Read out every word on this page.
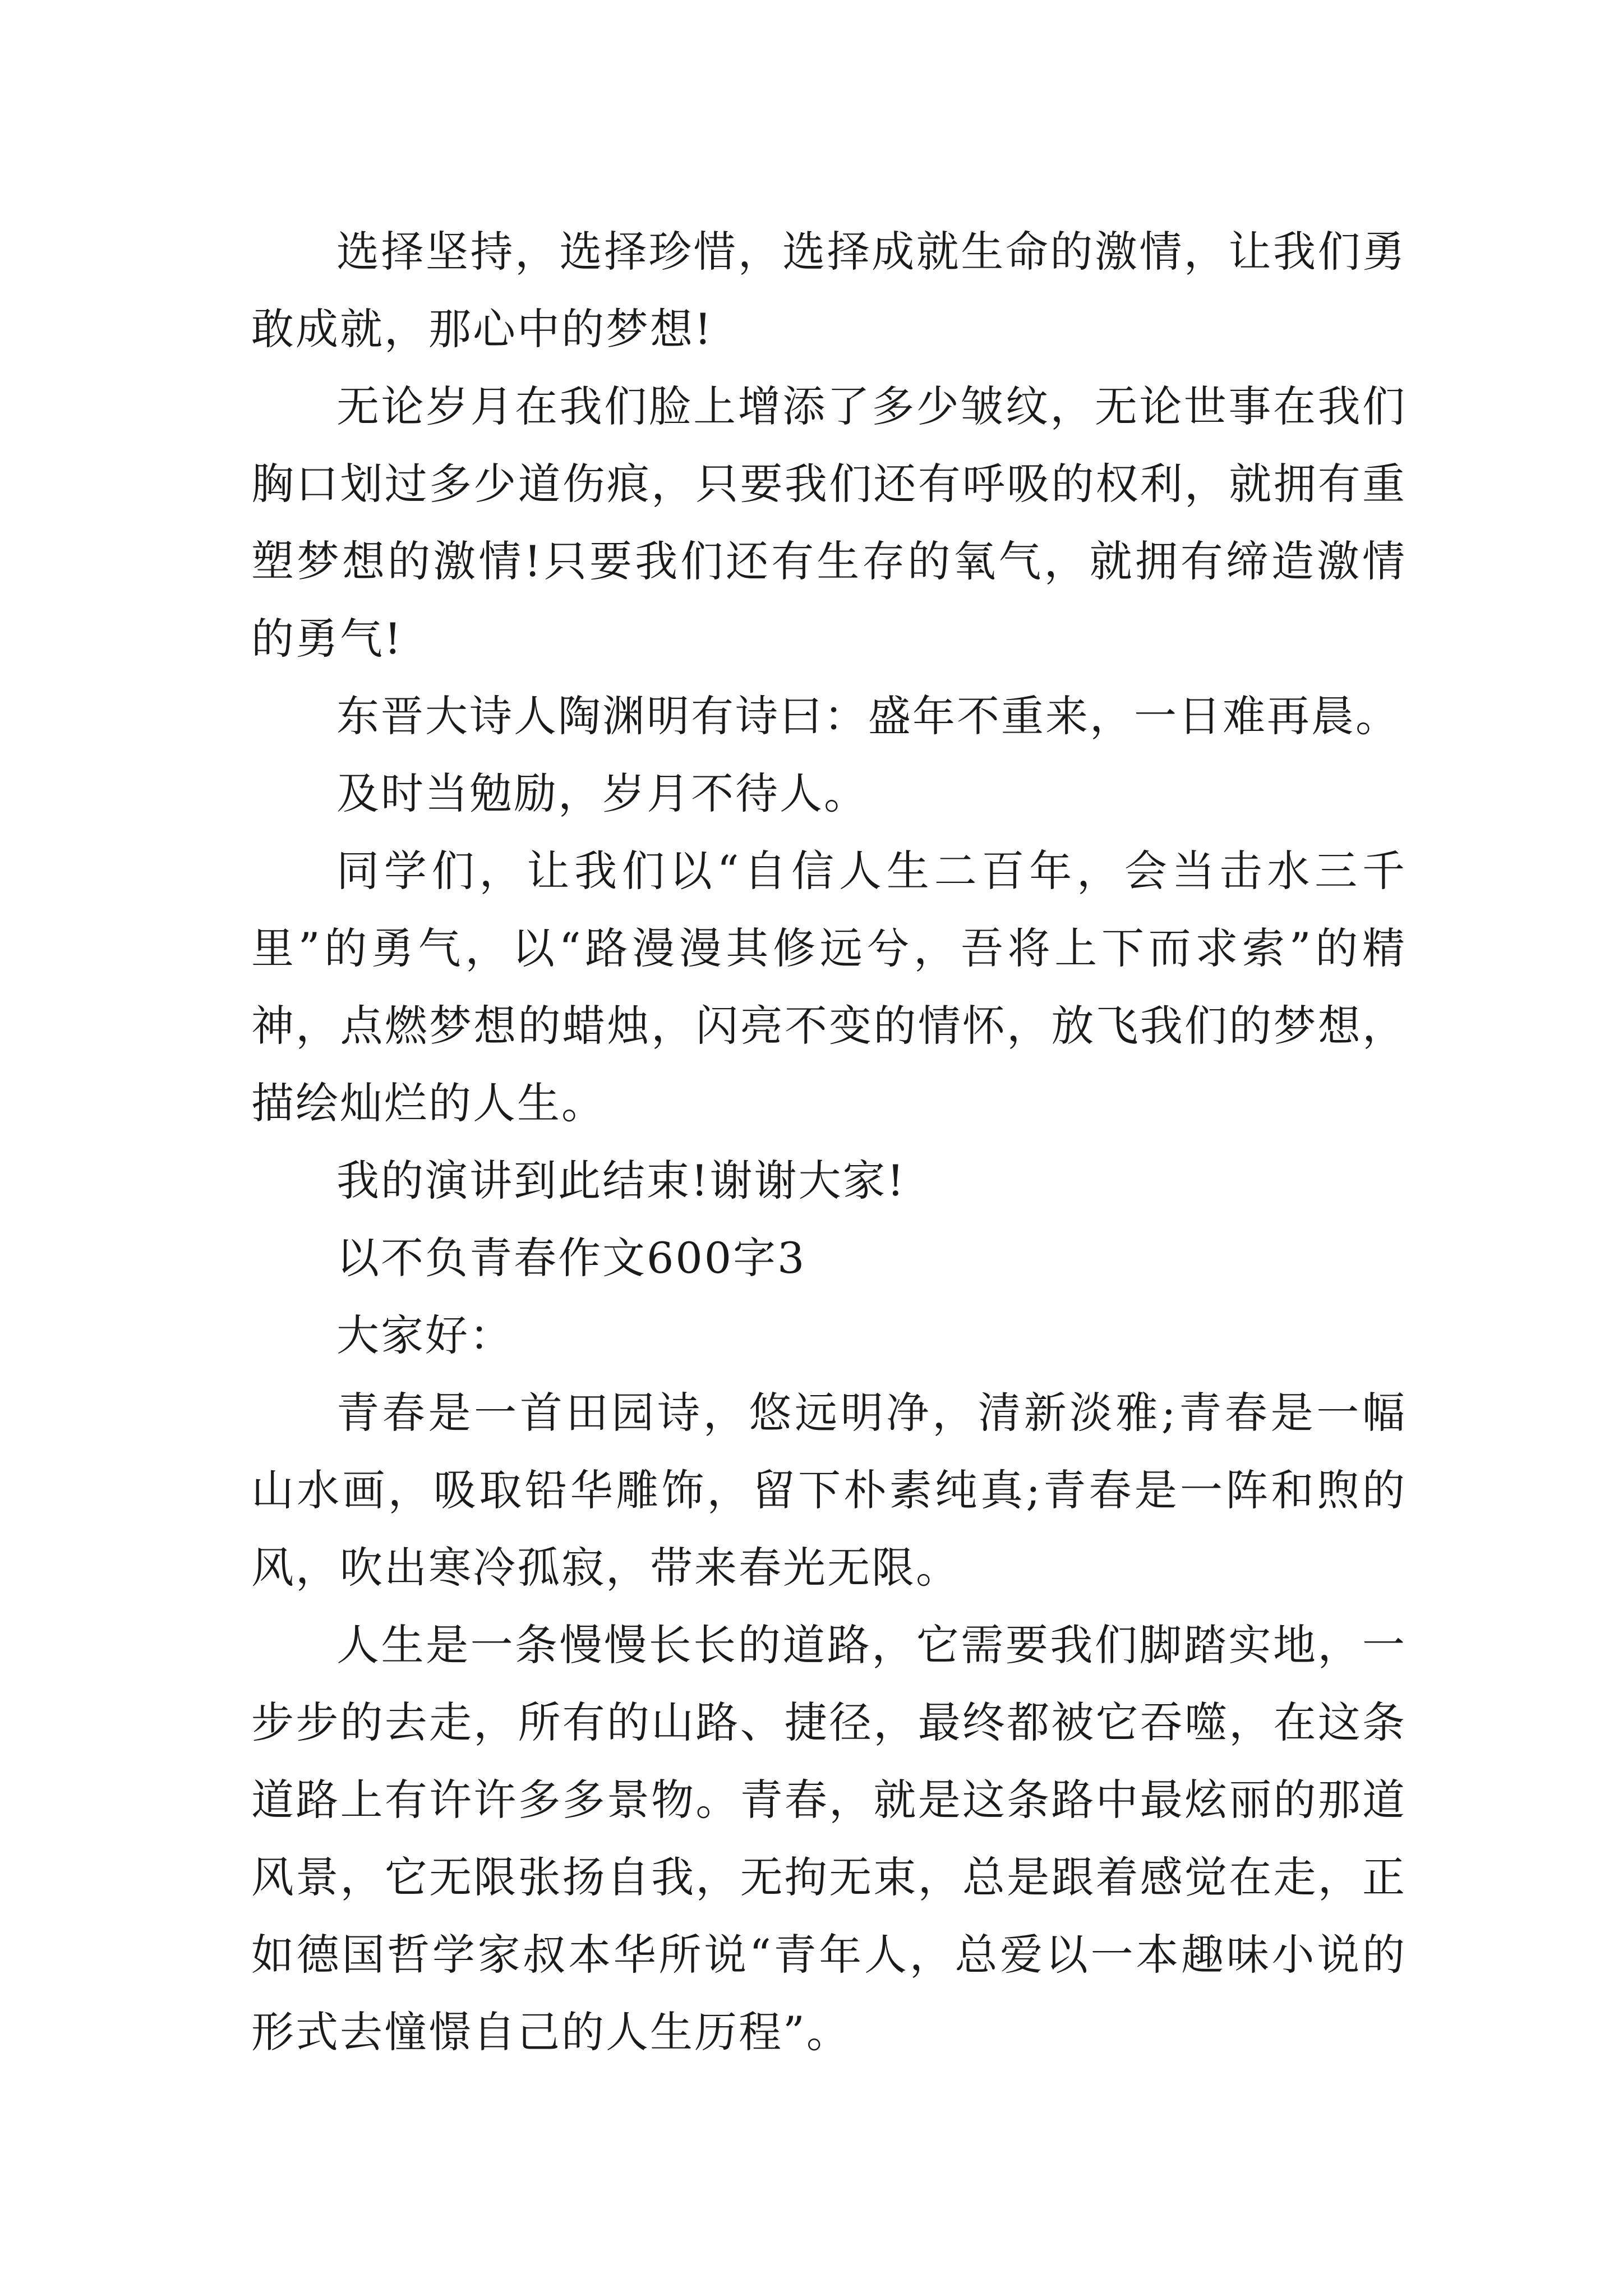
选择坚持，选择珍惜，选择成就生命的激情，让我们勇敢成就，那心中的梦想!

无论岁月在我们脸上增添了多少皱纹，无论世事在我们胸口划过多少道伤痕，只要我们还有呼吸的权利，就拥有重塑梦想的激情!只要我们还有生存的氧气，就拥有缔造激情的勇气!

东晋大诗人陶渊明有诗曰：盛年不重来，一日难再晨。

及时当勉励，岁月不待人。

同学们，让我们以“自信人生二百年，会当击水三千里”的勇气，以“路漫漫其修远兮，吾将上下而求索”的精神，点燃梦想的蜡烛，闪亮不变的情怀，放飞我们的梦想，描绘灿烂的人生。

我的演讲到此结束!谢谢大家!

以不负青春作文600字3

大家好：

青春是一首田园诗，悠远明净，清新淡雅;青春是一幅山水画，吸取铅华雕饰，留下朴素纯真;青春是一阵和煦的风，吹出寒冷孤寂，带来春光无限。

人生是一条慢慢长长的道路，它需要我们脚踏实地，一步步的去走，所有的山路、捷径，最终都被它吞噬，在这条道路上有许许多多景物。青春，就是这条路中最炫丽的那道风景，它无限张扬自我，无拘无束，总是跟着感觉在走，正如德国哲学家叔本华所说“青年人，总爱以一本趣味小说的形式去憧憬自己的人生历程”。
